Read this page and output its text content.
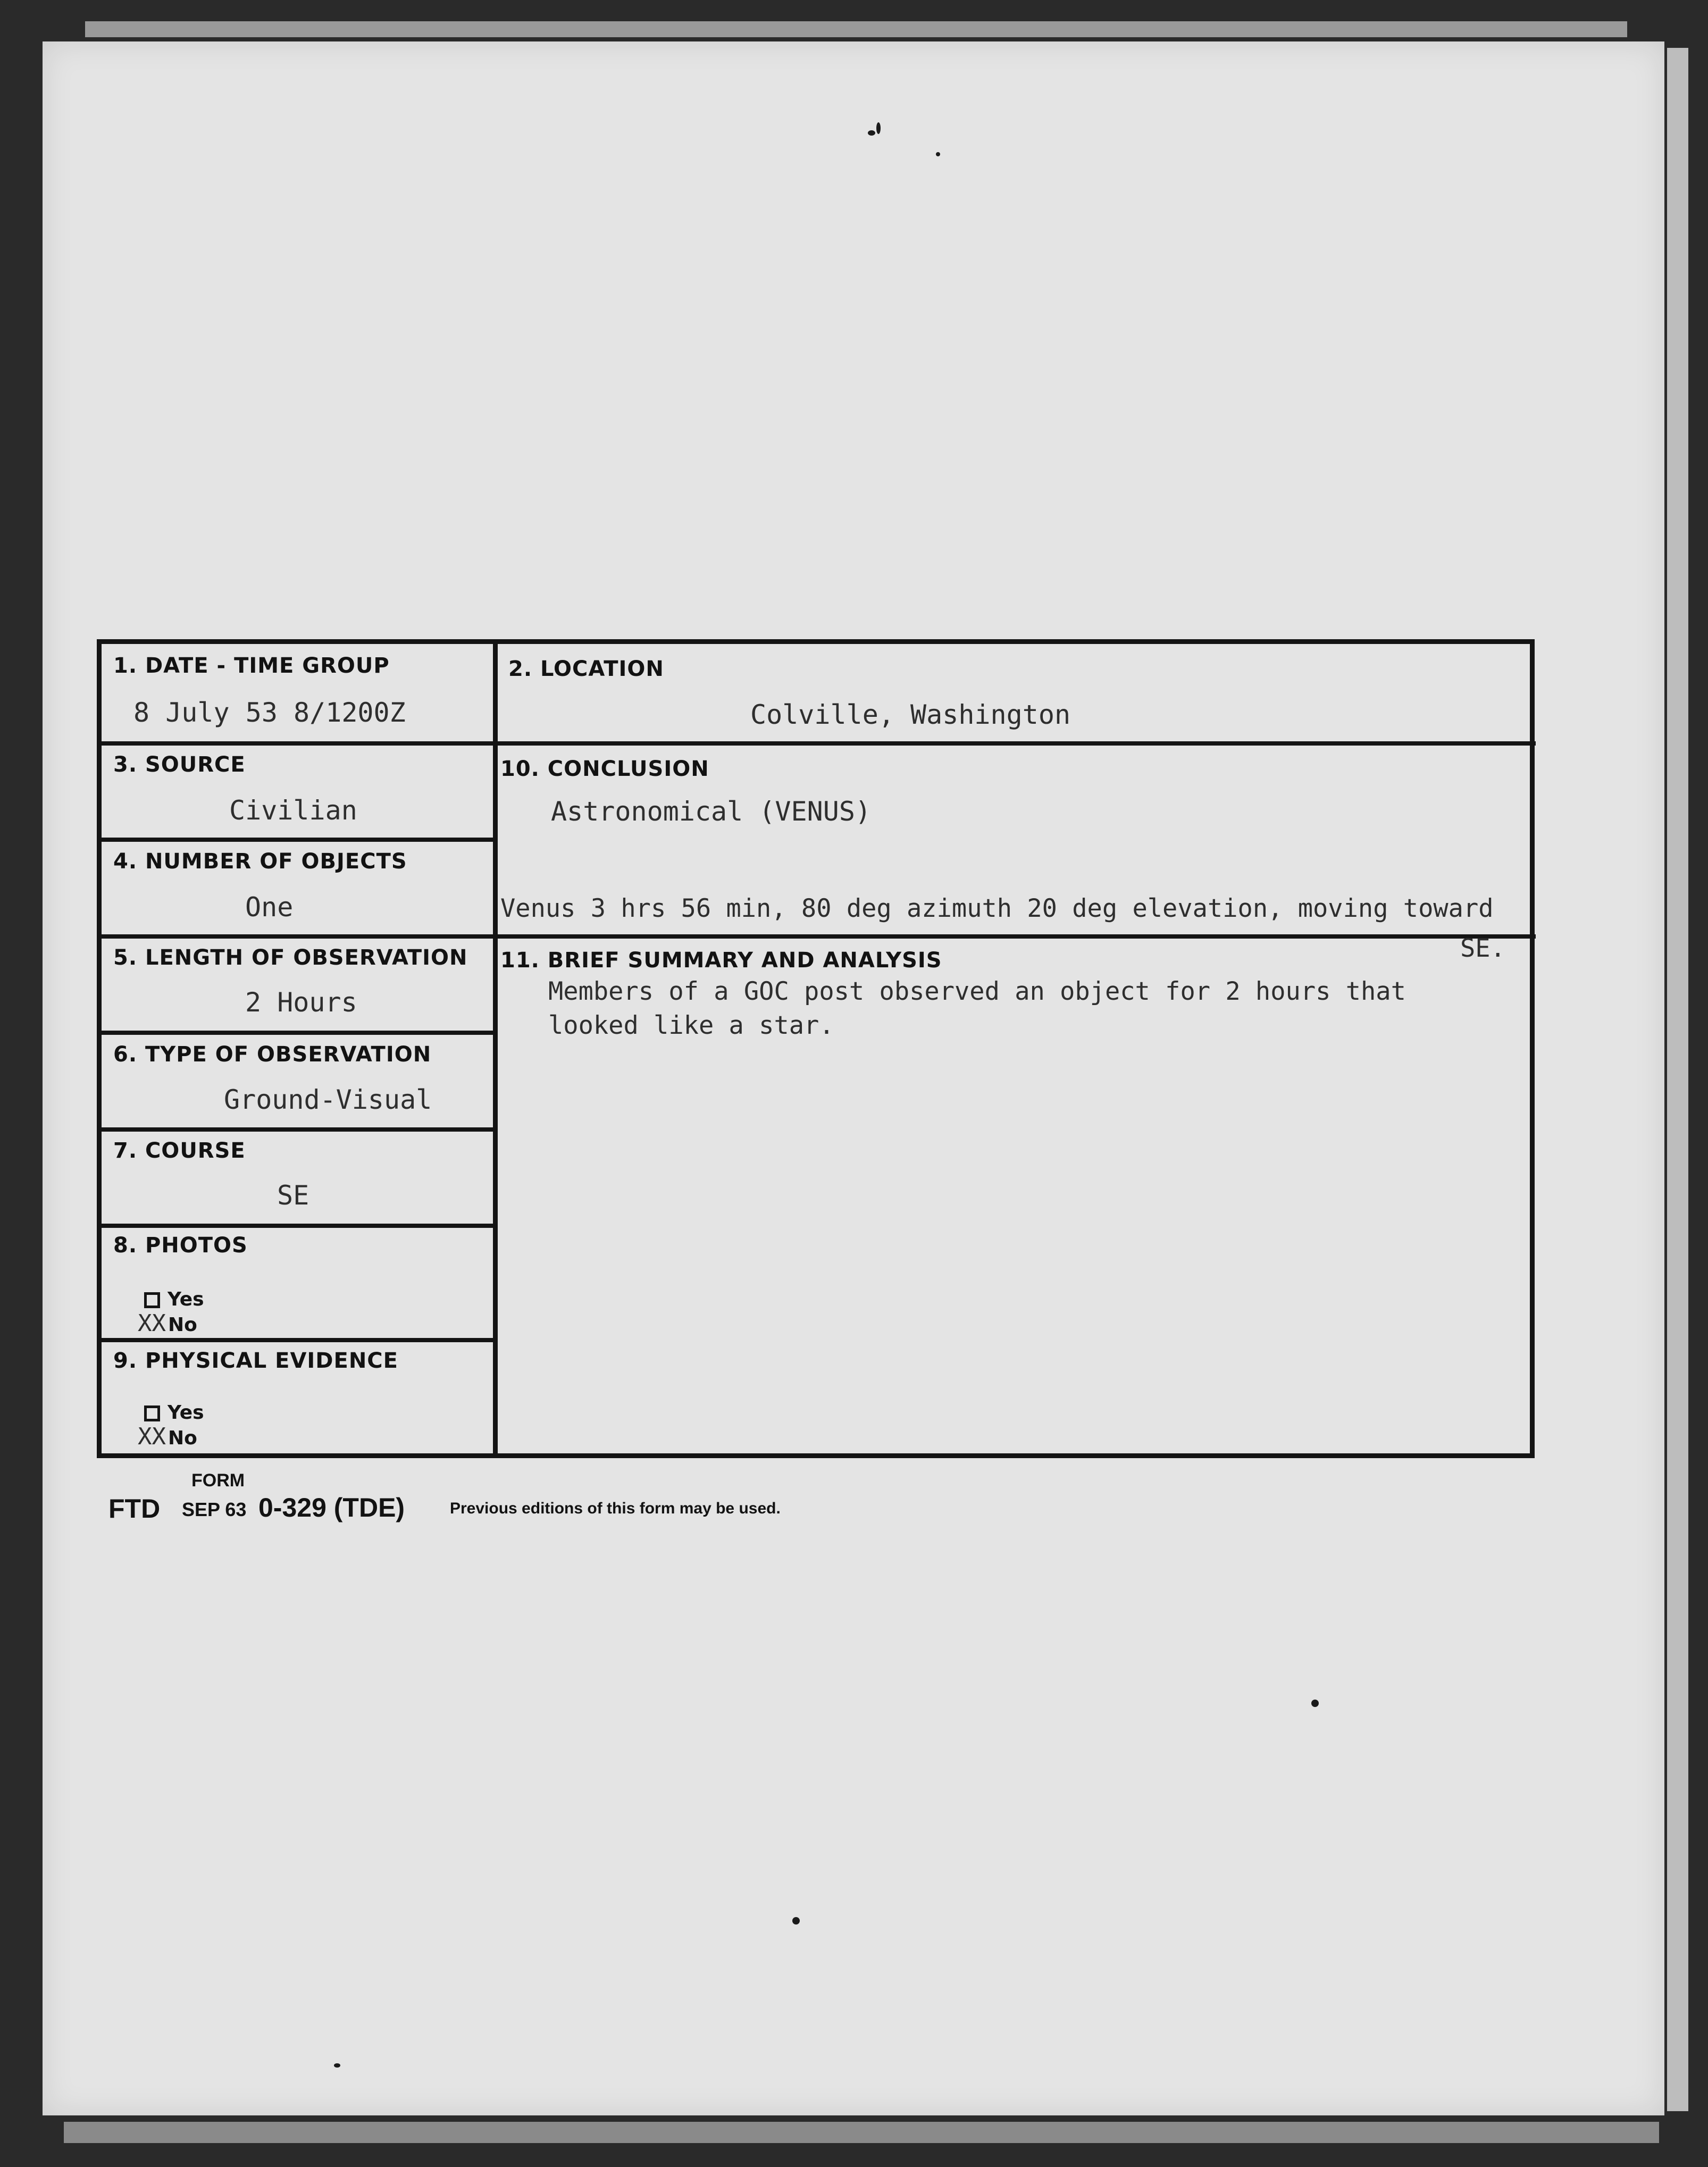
1. DATE - TIME GROUP
8 July 53 8/1200Z
2. LOCATION
Colville, Washington
3. SOURCE
Civilian
10. CONCLUSION
Astronomical (VENUS)
Venus 3 hrs 56 min, 80 deg azimuth 20 deg elevation, moving toward
SE.
4. NUMBER OF OBJECTS
One
5. LENGTH OF OBSERVATION
2 Hours
11. BRIEF SUMMARY AND ANALYSIS
Members of a GOC post observed an object for 2 hours that
looked like a star.
6. TYPE OF OBSERVATION
Ground-Visual
7. COURSE
SE
8. PHOTOS
Yes
XX No
9. PHYSICAL EVIDENCE
Yes
XX No
FORM
FTD SEP 63 0-329 (TDE)	Previous editions of this form may be used.
